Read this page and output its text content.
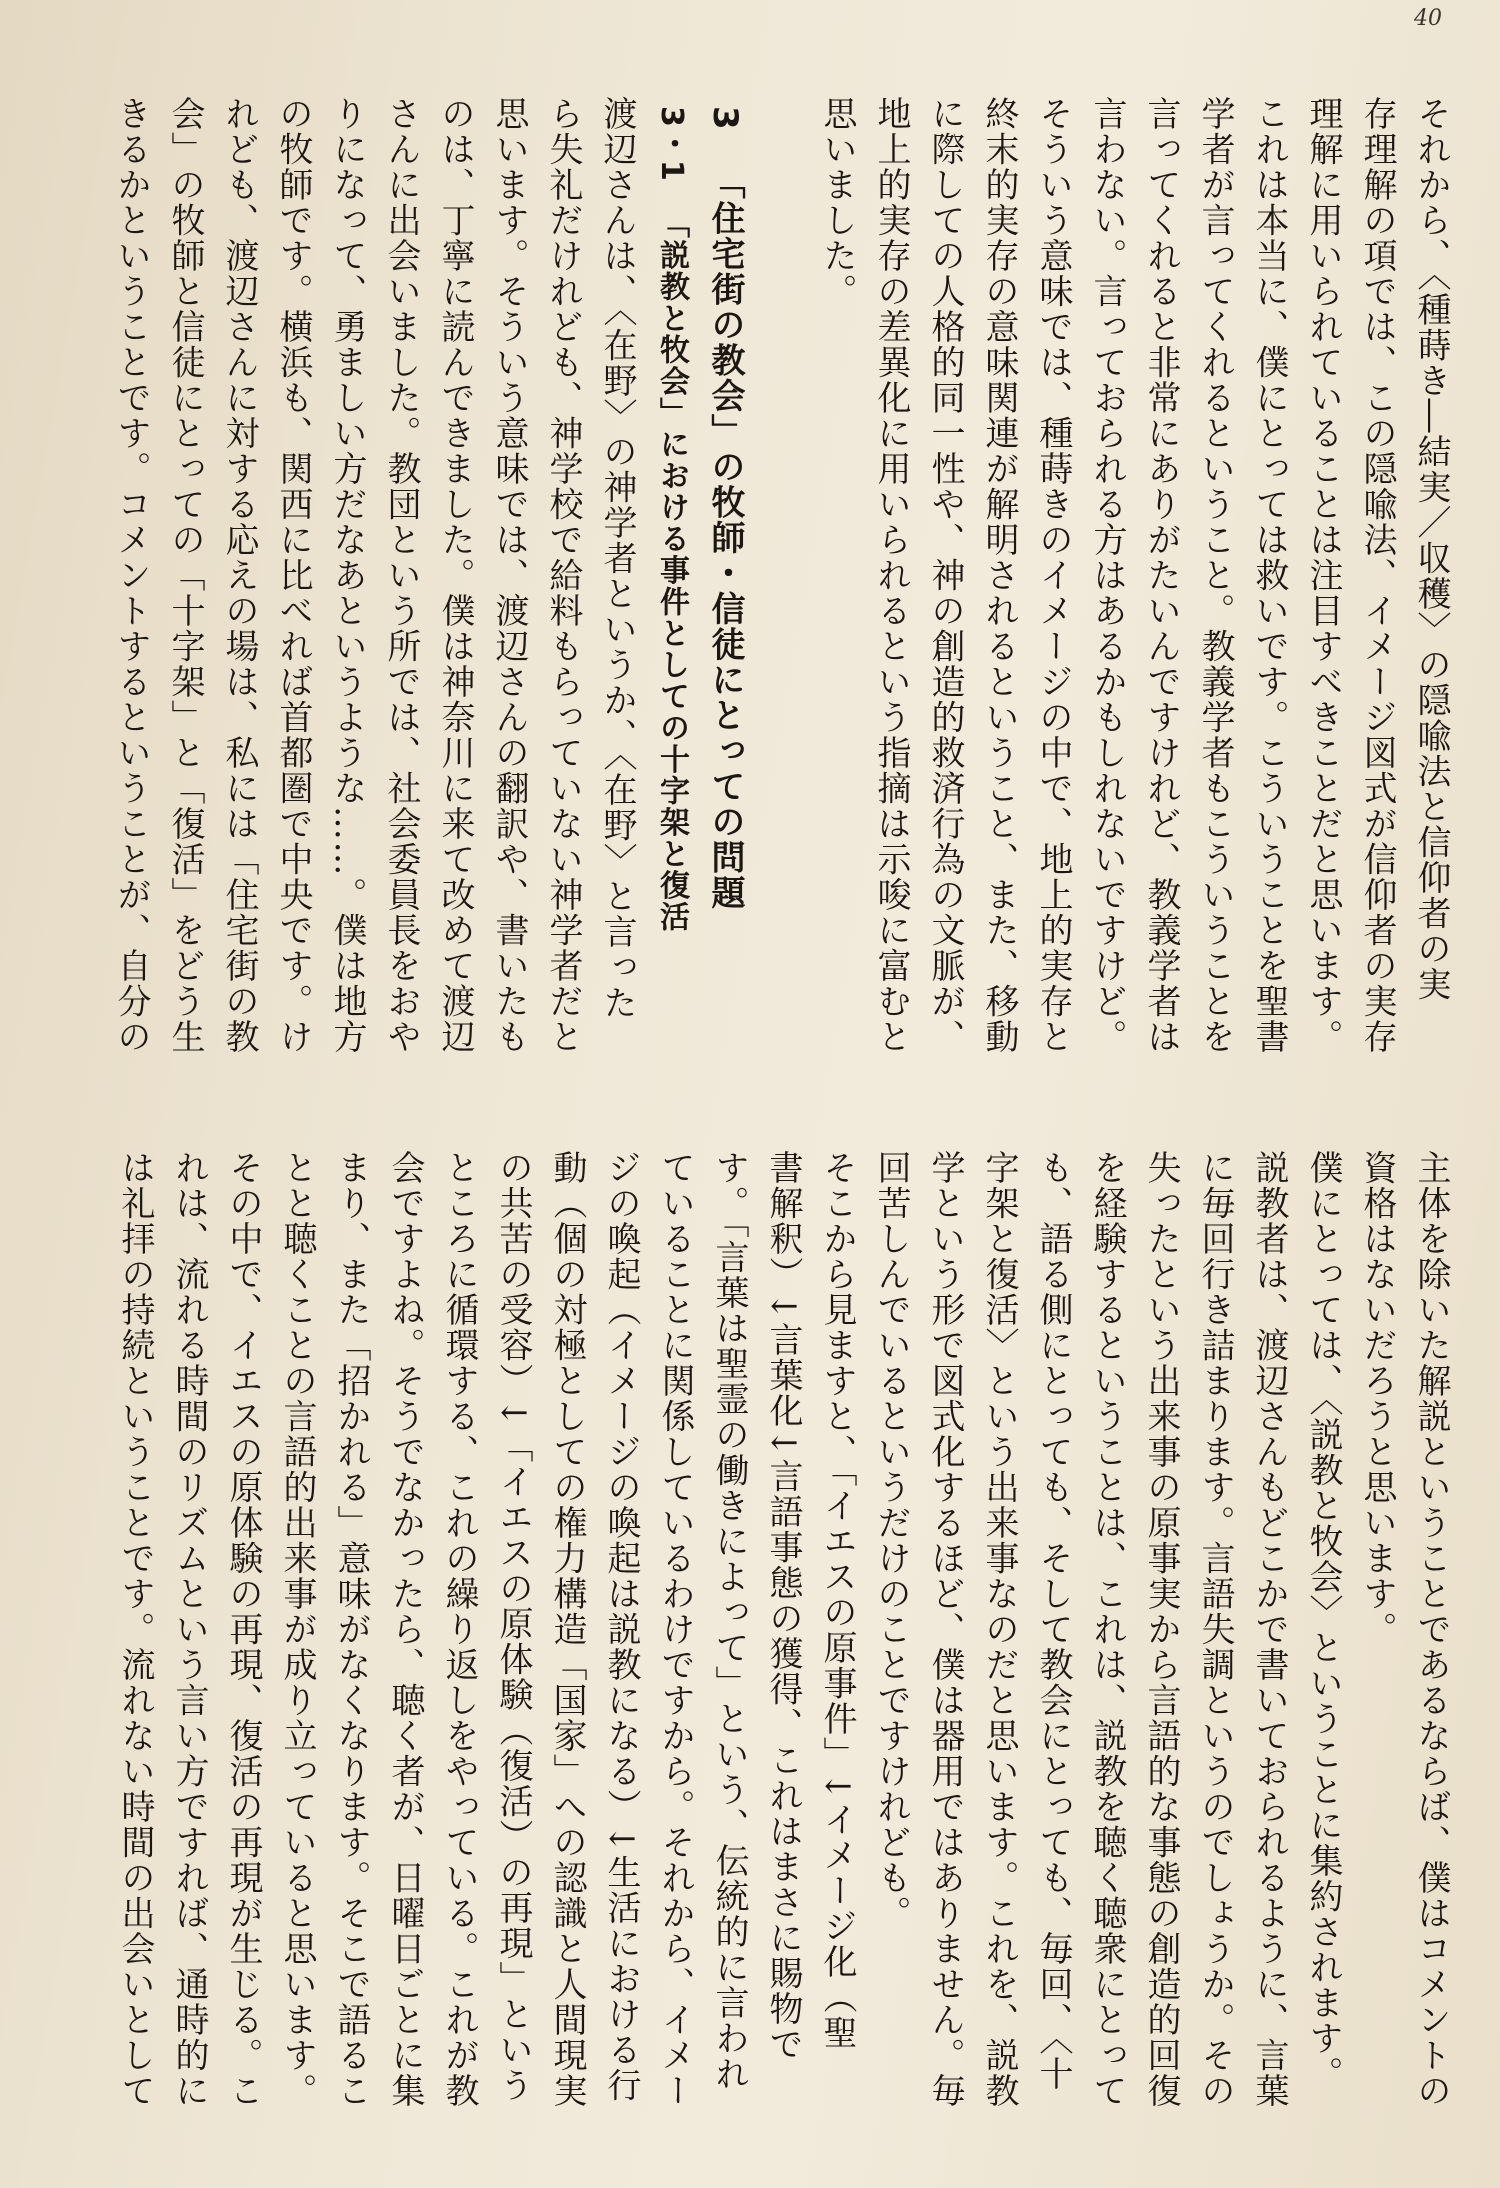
40
それから、〈種蒔き―結実／収穫〉の隠喩法と信仰者の実
存理解の項では、この隠喩法、イメージ図式が信仰者の実存
理解に用いられていることは注目すべきことだと思います。
これは本当に、僕にとっては救いです。こういうことを聖書
学者が言ってくれるということ。教義学者もこういうことを
言ってくれると非常にありがたいんですけれど、教義学者は
言わない。言っておられる方はあるかもしれないですけど。
そういう意味では、種蒔きのイメージの中で、地上的実存と
終末的実存の意味関連が解明されるということ、また、移動
に際しての人格的同一性や、神の創造的救済行為の文脈が、
地上的実存の差異化に用いられるという指摘は示唆に富むと
思いました。
3「住宅街の教会」の牧師・信徒にとっての問題
3・1「説教と牧会」における事件としての十字架と復活
渡辺さんは、〈在野〉の神学者というか、〈在野〉と言った
ら失礼だけれども、神学校で給料もらっていない神学者だと
思います。そういう意味では、渡辺さんの翻訳や、書いたも
のは、丁寧に読んできました。僕は神奈川に来て改めて渡辺
さんに出会いました。教団という所では、社会委員長をおや
りになって、勇ましい方だなあというような……。僕は地方
の牧師です。横浜も、関西に比べれば首都圏で中央です。け
れども、渡辺さんに対する応えの場は、私には「住宅街の教
会」の牧師と信徒にとっての「十字架」と「復活」をどう生
きるかということです。コメントするということが、自分の
主体を除いた解説ということであるならば、僕はコメントの
資格はないだろうと思います。
僕にとっては、〈説教と牧会〉ということに集約されます。
説教者は、渡辺さんもどこかで書いておられるように、言葉
に毎回行き詰まります。言語失調というのでしょうか。その
失ったという出来事の原事実から言語的な事態の創造的回復
を経験するということは、これは、説教を聴く聴衆にとって
も、語る側にとっても、そして教会にとっても、毎回、〈十
字架と復活〉という出来事なのだと思います。これを、説教
学という形で図式化するほど、僕は器用ではありません。毎
回苦しんでいるというだけのことですけれども。
そこから見ますと、「イエスの原事件」↓イメージ化（聖
書解釈）↓言葉化↓言語事態の獲得、これはまさに賜物で
す。「言葉は聖霊の働きによって」という、伝統的に言われ
ていることに関係しているわけですから。それから、イメー
ジの喚起（イメージの喚起は説教になる）↓生活における行
動（個の対極としての権力構造「国家」への認識と人間現実
の共苦の受容）↓「イエスの原体験（復活）の再現」という
ところに循環する、これの繰り返しをやっている。これが教
会ですよね。そうでなかったら、聴く者が、日曜日ごとに集
まり、また「招かれる」意味がなくなります。そこで語るこ
とと聴くことの言語的出来事が成り立っていると思います。
その中で、イエスの原体験の再現、復活の再現が生じる。こ
れは、流れる時間のリズムという言い方ですれば、通時的に
は礼拝の持続ということです。流れない時間の出会いとして
